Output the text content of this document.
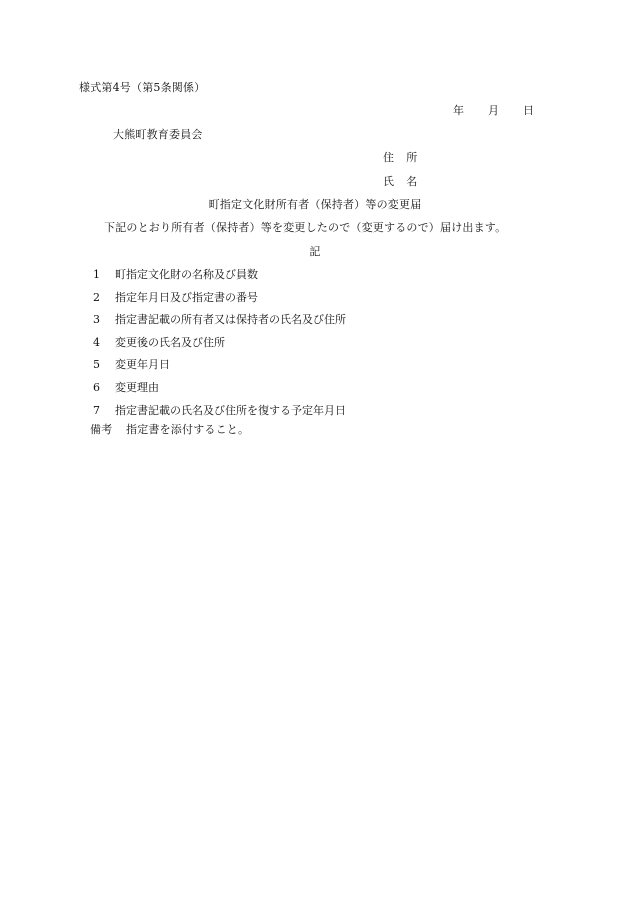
様式第4号（第5条関係）
年 月 日
大熊町教育委員会
住 所
氏 名
町指定文化財所有者（保持者）等の変更届
下記のとおり所有者（保持者）等を変更したので（変更するので）届け出ます。
記
1 町指定文化財の名称及び員数
2 指定年月日及び指定書の番号
3 指定書記載の所有者又は保持者の氏名及び住所
4 変更後の氏名及び住所
5 変更年月日
6 変更理由
7 指定書記載の氏名及び住所を復する予定年月日
備考 指定書を添付すること。
